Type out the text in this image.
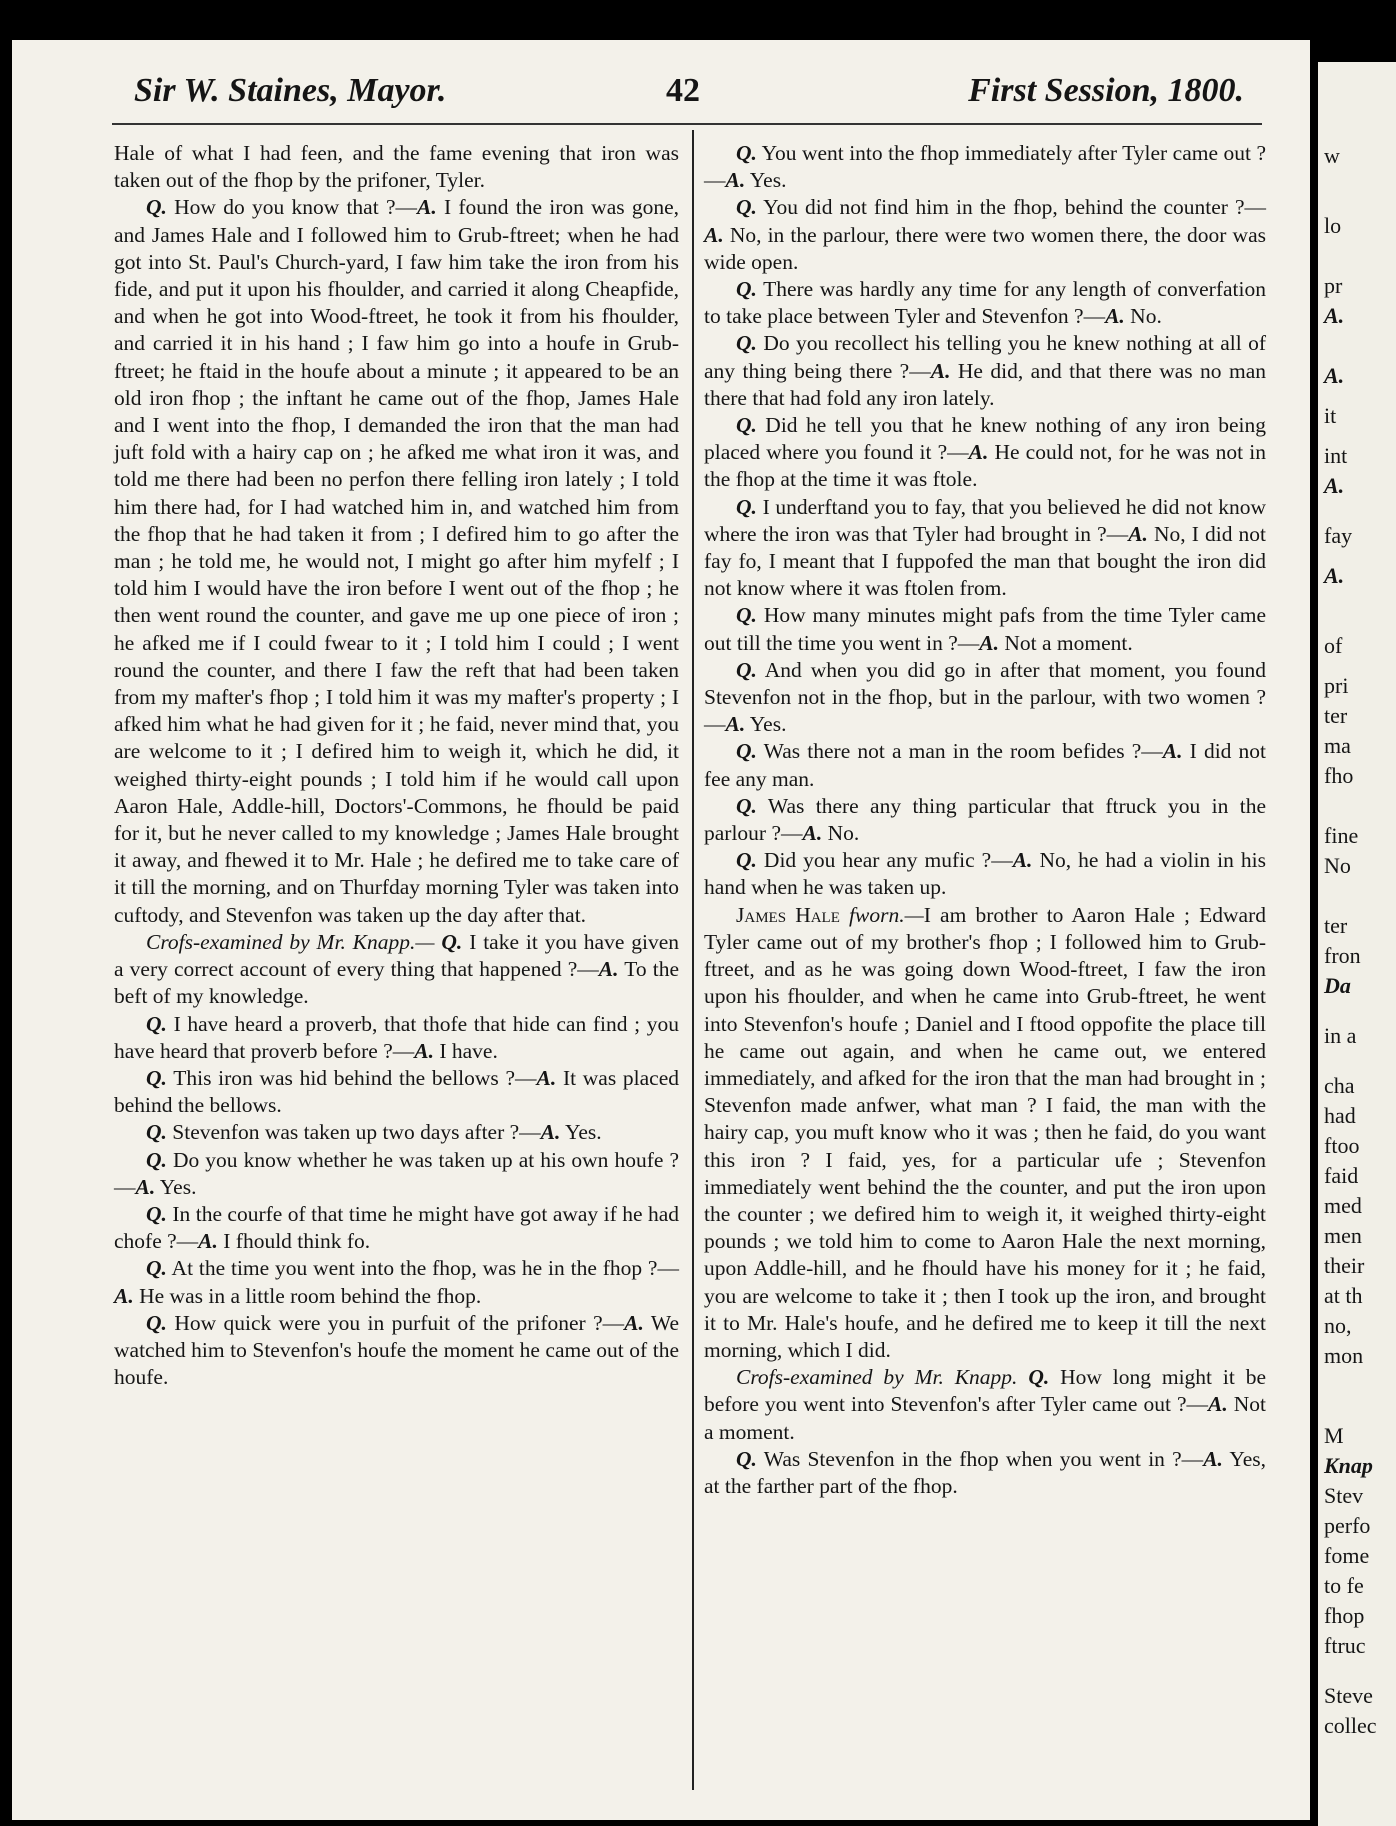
Sir W. Staines, Mayor.	42	First Session, 1800.

Hale of what I had feen, and the fame evening that iron was taken out of the fhop by the prifoner, Tyler.

Q. How do you know that ?—A. I found the iron was gone, and James Hale and I followed him to Grub-ftreet; when he had got into St. Paul's Church-yard, I faw him take the iron from his fide, and put it upon his fhoulder, and carried it along Cheapfide, and when he got into Wood-ftreet, he took it from his fhoulder, and carried it in his hand ; I faw him go into a houfe in Grub-ftreet; he ftaid in the houfe about a minute ; it appeared to be an old iron fhop ; the inftant he came out of the fhop, James Hale and I went into the fhop, I demanded the iron that the man had juft fold with a hairy cap on ; he afked me what iron it was, and told me there had been no perfon there felling iron lately ; I told him there had, for I had watched him in, and watched him from the fhop that he had taken it from ; I defired him to go after the man ; he told me, he would not, I might go after him myfelf ; I told him I would have the iron before I went out of the fhop ; he then went round the counter, and gave me up one piece of iron ; he afked me if I could fwear to it ; I told him I could ; I went round the counter, and there I faw the reft that had been taken from my mafter's fhop ; I told him it was my mafter's property ; I afked him what he had given for it ; he faid, never mind that, you are welcome to it ; I defired him to weigh it, which he did, it weighed thirty-eight pounds ; I told him if he would call upon Aaron Hale, Addle-hill, Doctors'-Commons, he fhould be paid for it, but he never called to my knowledge ; James Hale brought it away, and fhewed it to Mr. Hale ; he defired me to take care of it till the morning, and on Thurfday morning Tyler was taken into cuftody, and Stevenfon was taken up the day after that.

Crofs-examined by Mr. Knapp.— Q. I take it you have given a very correct account of every thing that happened ?—A. To the beft of my knowledge.

Q. I have heard a proverb, that thofe that hide can find ; you have heard that proverb before ?—A. I have.

Q. This iron was hid behind the bellows ?—A. It was placed behind the bellows.

Q. Stevenfon was taken up two days after ?—A. Yes.

Q. Do you know whether he was taken up at his own houfe ?—A. Yes.

Q. In the courfe of that time he might have got away if he had chofe ?—A. I fhould think fo.

Q. At the time you went into the fhop, was he in the fhop ?—A. He was in a little room behind the fhop.

Q. How quick were you in purfuit of the prifoner ?—A. We watched him to Stevenfon's houfe the moment he came out of the houfe.

Q. You went into the fhop immediately after Tyler came out ?—A. Yes.

Q. You did not find him in the fhop, behind the counter ?—A. No, in the parlour, there were two women there, the door was wide open.

Q. There was hardly any time for any length of converfation to take place between Tyler and Stevenfon ?—A. No.

Q. Do you recollect his telling you he knew nothing at all of any thing being there ?—A. He did, and that there was no man there that had fold any iron lately.

Q. Did he tell you that he knew nothing of any iron being placed where you found it ?—A. He could not, for he was not in the fhop at the time it was ftole.

Q. I underftand you to fay, that you believed he did not know where the iron was that Tyler had brought in ?—A. No, I did not fay fo, I meant that I fuppofed the man that bought the iron did not know where it was ftolen from.

Q. How many minutes might pafs from the time Tyler came out till the time you went in ?—A. Not a moment.

Q. And when you did go in after that moment, you found Stevenfon not in the fhop, but in the parlour, with two women ?—A. Yes.

Q. Was there not a man in the room befides ?—A. I did not fee any man.

Q. Was there any thing particular that ftruck you in the parlour ?—A. No.

Q. Did you hear any mufic ?—A. No, he had a violin in his hand when he was taken up.

James Hale fworn.—I am brother to Aaron Hale ; Edward Tyler came out of my brother's fhop ; I followed him to Grub-ftreet, and as he was going down Wood-ftreet, I faw the iron upon his fhoulder, and when he came into Grub-ftreet, he went into Stevenfon's houfe ; Daniel and I ftood oppofite the place till he came out again, and when he came out, we entered immediately, and afked for the iron that the man had brought in ; Stevenfon made anfwer, what man ? I faid, the man with the hairy cap, you muft know who it was ; then he faid, do you want this iron ? I faid, yes, for a particular ufe ; Stevenfon immediately went behind the the counter, and put the iron upon the counter ; we defired him to weigh it, it weighed thirty-eight pounds ; we told him to come to Aaron Hale the next morning, upon Addle-hill, and he fhould have his money for it ; he faid, you are welcome to take it ; then I took up the iron, and brought it to Mr. Hale's houfe, and he defired me to keep it till the next morning, which I did.

Crofs-examined by Mr. Knapp. Q. How long might it be before you went into Stevenfon's after Tyler came out ?—A. Not a moment.

Q. Was Stevenfon in the fhop when you went in ?—A. Yes, at the farther part of the fhop.

w
lo
pr
A.
A.
it
int
A.
fay
A.
of
pri
ter
ma
fho
fine
No
ter
fron
Da
in a
cha
had
ftoo
faid
med
men
their
at th
no,
mon
M
Knap
Stev
perfo
fome
to fe
fhop
ftruc
Steve
collec
